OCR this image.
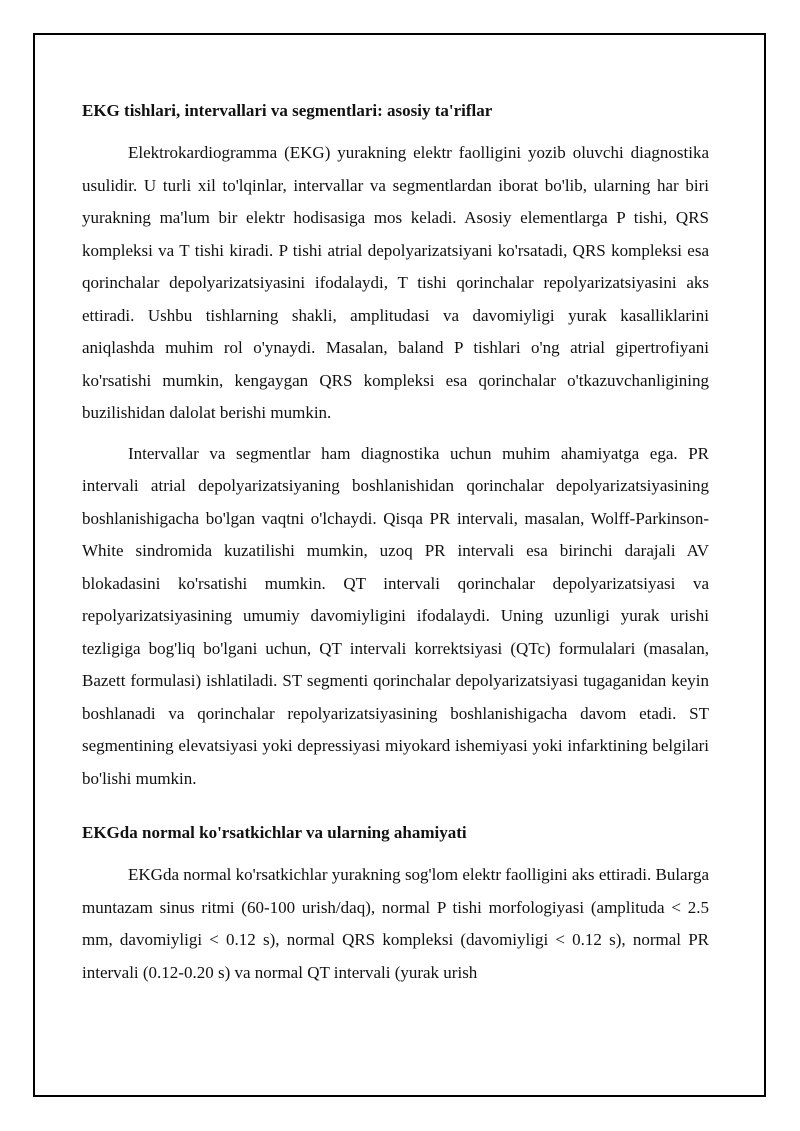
EKG tishlari, intervallari va segmentlari: asosiy ta'riflar

Elektrokardiogramma (EKG) yurakning elektr faolligini yozib oluvchi diagnostika usulidir. U turli xil to'lqinlar, intervallar va segmentlardan iborat bo'lib, ularning har biri yurakning ma'lum bir elektr hodisasiga mos keladi. Asosiy elementlarga P tishi, QRS kompleksi va T tishi kiradi. P tishi atrial depolyarizatsiyani ko'rsatadi, QRS kompleksi esa qorinchalar depolyarizatsiyasini ifodalaydi, T tishi qorinchalar repolyarizatsiyasini aks ettiradi. Ushbu tishlarning shakli, amplitudasi va davomiyligi yurak kasalliklarini aniqlashda muhim rol o'ynaydi. Masalan, baland P tishlari o'ng atrial gipertrofiyani ko'rsatishi mumkin, kengaygan QRS kompleksi esa qorinchalar o'tkazuvchanligining buzilishidan dalolat berishi mumkin.

Intervallar va segmentlar ham diagnostika uchun muhim ahamiyatga ega. PR intervali atrial depolyarizatsiyaning boshlanishidan qorinchalar depolyarizatsiyasining boshlanishigacha bo'lgan vaqtni o'lchaydi. Qisqa PR intervali, masalan, Wolff-Parkinson-White sindromida kuzatilishi mumkin, uzoq PR intervali esa birinchi darajali AV blokadasini ko'rsatishi mumkin. QT intervali qorinchalar depolyarizatsiyasi va repolyarizatsiyasining umumiy davomiyligini ifodalaydi. Uning uzunligi yurak urishi tezligiga bog'liq bo'lgani uchun, QT intervali korrektsiyasi (QTc) formulalari (masalan, Bazett formulasi) ishlatiladi. ST segmenti qorinchalar depolyarizatsiyasi tugaganidan keyin boshlanadi va qorinchalar repolyarizatsiyasining boshlanishigacha davom etadi. ST segmentining elevatsiyasi yoki depressiyasi miyokard ishemiyasi yoki infarktining belgilari bo'lishi mumkin.

EKGda normal ko'rsatkichlar va ularning ahamiyati

EKGda normal ko'rsatkichlar yurakning sog'lom elektr faolligini aks ettiradi. Bularga muntazam sinus ritmi (60-100 urish/daq), normal P tishi morfologiyasi (amplituda < 2.5 mm, davomiyligi < 0.12 s), normal QRS kompleksi (davomiyligi < 0.12 s), normal PR intervali (0.12-0.20 s) va normal QT intervali (yurak urish
